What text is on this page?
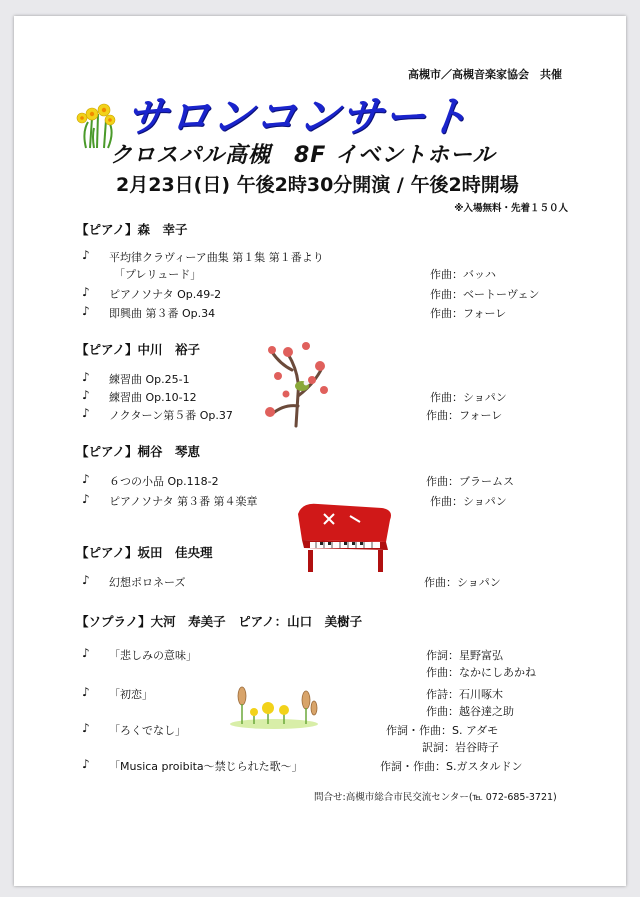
高槻市／高槻音楽家協会　共催
サロンコンサート
クロスパル高槻　8F イベントホール
2月23日(日) 午後2時30分開演 / 午後2時開場
※入場無料・先着１５０人
【ピアノ】森　幸子
♪ 平均律クラヴィーア曲集 第１集 第１番より
「プレリュード」	作曲：バッハ
♪ ピアノソナタ Op.49-2	作曲：ベートーヴェン
♪ 即興曲 第３番 Op.34	作曲：フォーレ
【ピアノ】中川　裕子
♪ 練習曲 Op.25-1
♪ 練習曲 Op.10-12	作曲：ショパン
♪ ノクターン第５番 Op.37	作曲：フォーレ
【ピアノ】桐谷　琴恵
♪ ６つの小品 Op.118-2	作曲：ブラームス
♪ ピアノソナタ 第３番 第４楽章	作曲：ショパン
【ピアノ】坂田　佳央理
♪ 幻想ポロネーズ	作曲：ショパン
【ソプラノ】大河　寿美子　ピアノ：山口　美樹子
♪ 「悲しみの意味」	作詞：星野富弘
作曲：なかにしあかね
♪ 「初恋」	作詩：石川啄木
作曲：越谷達之助
♪ 「ろくでなし」	作詞・作曲：S. アダモ
訳詞：岩谷時子
♪ 「Musica proibita～禁じられた歌～」	作詞・作曲：S.ガスタルドン
問合せ:高槻市総合市民交流センター(℡ 072-685-3721)
